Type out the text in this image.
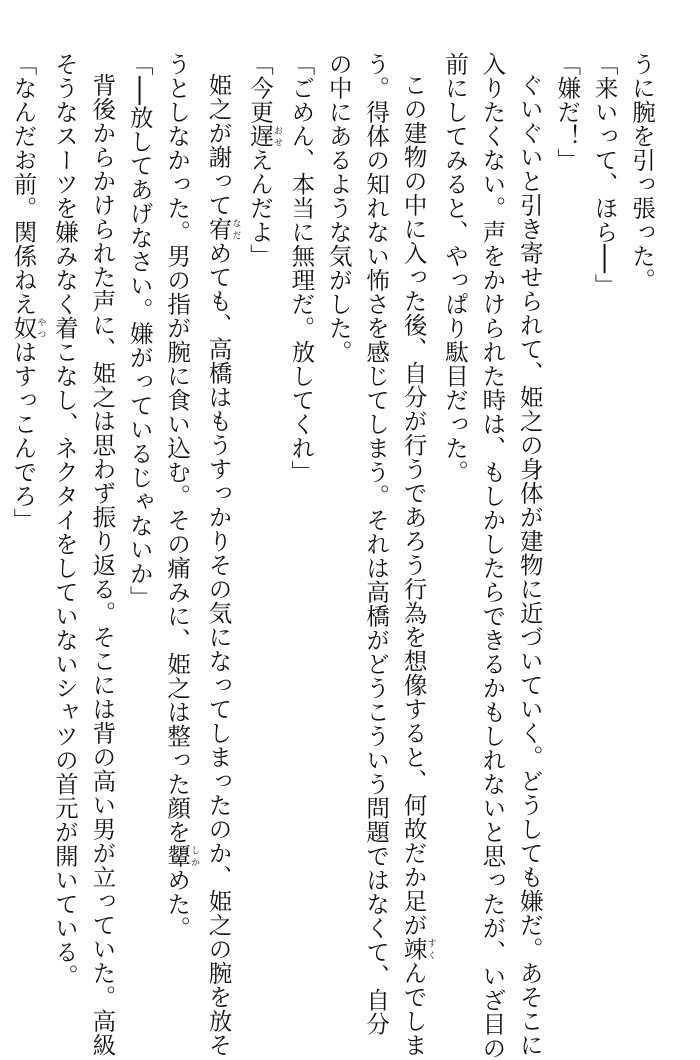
うに腕を引っ張った。
「来いって、ほら──」
「嫌だ！」
ぐいぐいと引き寄せられて、姫之の身体が建物に近づいていく。どうしても嫌だ。あそこに
入りたくない。声をかけられた時は、もしかしたらできるかもしれないと思ったが、いざ目の
前にしてみると、やっぱり駄目だった。
この建物の中に入った後、自分が行うであろう行為を想像すると、何故だか足が竦すくんでしま
う。得体の知れない怖さを感じてしまう。それは高橋がどうこういう問題ではなくて、自分
の中にあるような気がした。
「ごめん、本当に無理だ。放してくれ」
「今更遅おせえんだよ」
姫之が謝って宥なだめても、高橋はもうすっかりその気になってしまったのか、姫之の腕を放そ
うとしなかった。男の指が腕に食い込む。その痛みに、姫之は整った顔を顰しかめた。
「──放してあげなさい。嫌がっているじゃないか」
背後からかけられた声に、姫之は思わず振り返る。そこには背の高い男が立っていた。高級
そうなスーツを嫌みなく着こなし、ネクタイをしていないシャツの首元が開いている。
「なんだお前。関係ねえ奴やつはすっこんでろ」
